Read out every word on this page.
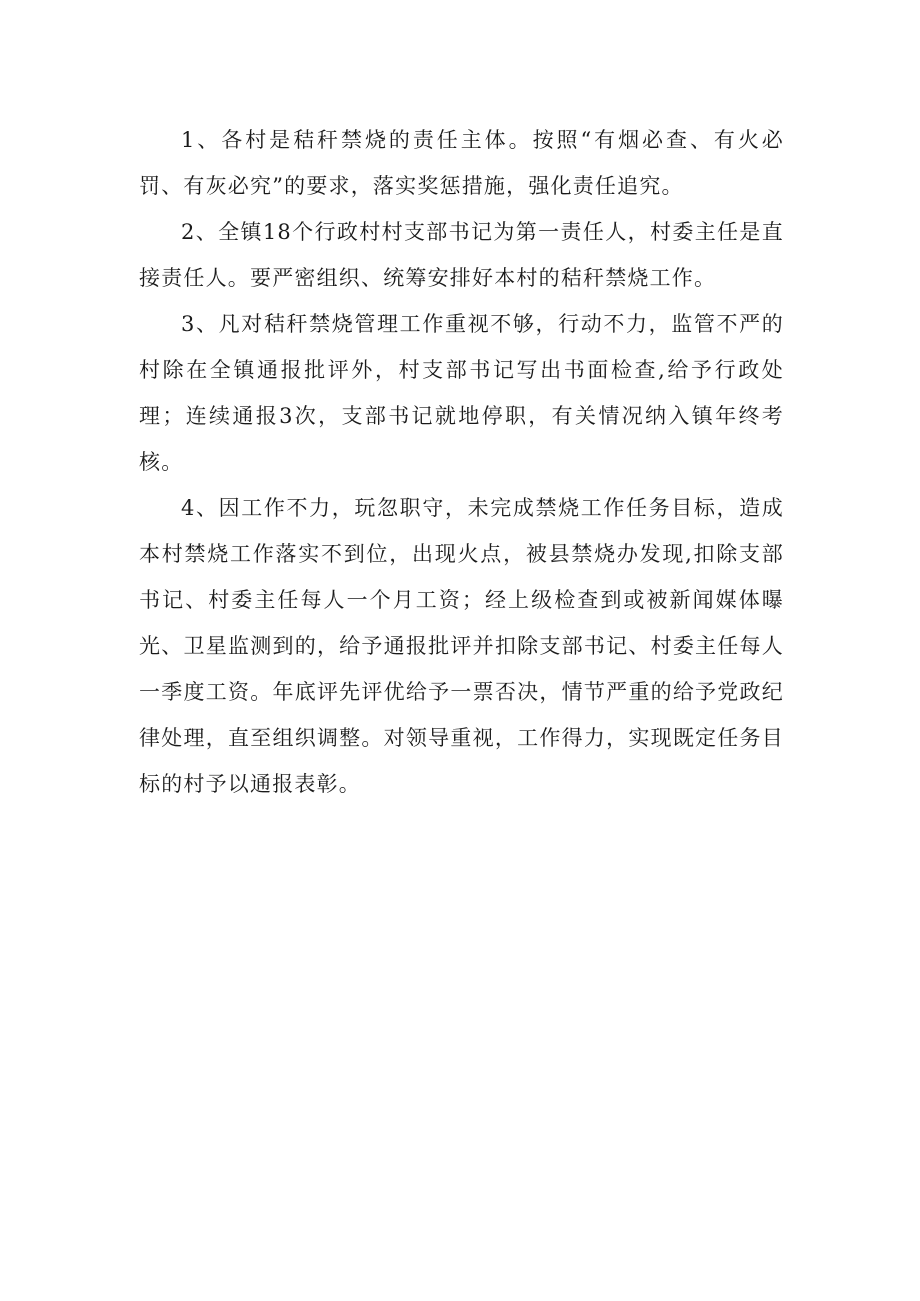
1、各村是秸秆禁烧的责任主体。按照“有烟必查、有火必罚、有灰必究”的要求，落实奖惩措施，强化责任追究。

2、全镇18个行政村村支部书记为第一责任人，村委主任是直接责任人。要严密组织、统筹安排好本村的秸秆禁烧工作。

3、凡对秸秆禁烧管理工作重视不够，行动不力，监管不严的村除在全镇通报批评外，村支部书记写出书面检查,给予行政处理；连续通报3次，支部书记就地停职，有关情况纳入镇年终考核。

4、因工作不力，玩忽职守，未完成禁烧工作任务目标，造成本村禁烧工作落实不到位，出现火点，被县禁烧办发现,扣除支部书记、村委主任每人一个月工资；经上级检查到或被新闻媒体曝光、卫星监测到的，给予通报批评并扣除支部书记、村委主任每人一季度工资。年底评先评优给予一票否决，情节严重的给予党政纪律处理，直至组织调整。对领导重视，工作得力，实现既定任务目标的村予以通报表彰。
